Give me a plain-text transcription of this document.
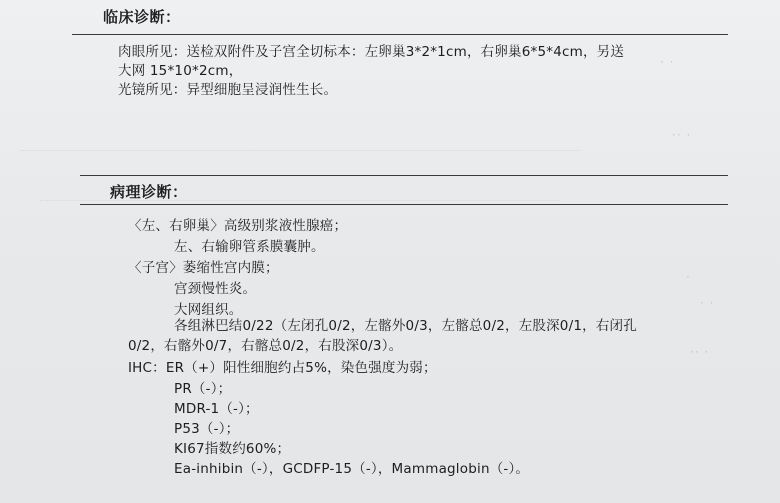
· ·
·· ·
·
· ·
·· ·
临床诊断：
肉眼所见：送检双附件及子宫全切标本：左卵巢3*2*1cm，右卵巢6*5*4cm，另送
大网 15*10*2cm，
光镜所见：异型细胞呈浸润性生长。
病理诊断：
〈左、右卵巢〉高级别浆液性腺癌；
左、右输卵管系膜囊肿。
〈子宫〉萎缩性宫内膜；
宫颈慢性炎。
大网组织。
各组淋巴结0/22（左闭孔0/2，左髂外0/3，左髂总0/2，左股深0/1，右闭孔
0/2，右髂外0/7，右髂总0/2，右股深0/3）。
IHC：ER（+）阳性细胞约占5%，染色强度为弱；
PR（-）；
MDR-1（-）；
P53（-）；
KI67指数约60%；
Ea-inhibin（-），GCDFP-15（-），Mammaglobin（-）。
